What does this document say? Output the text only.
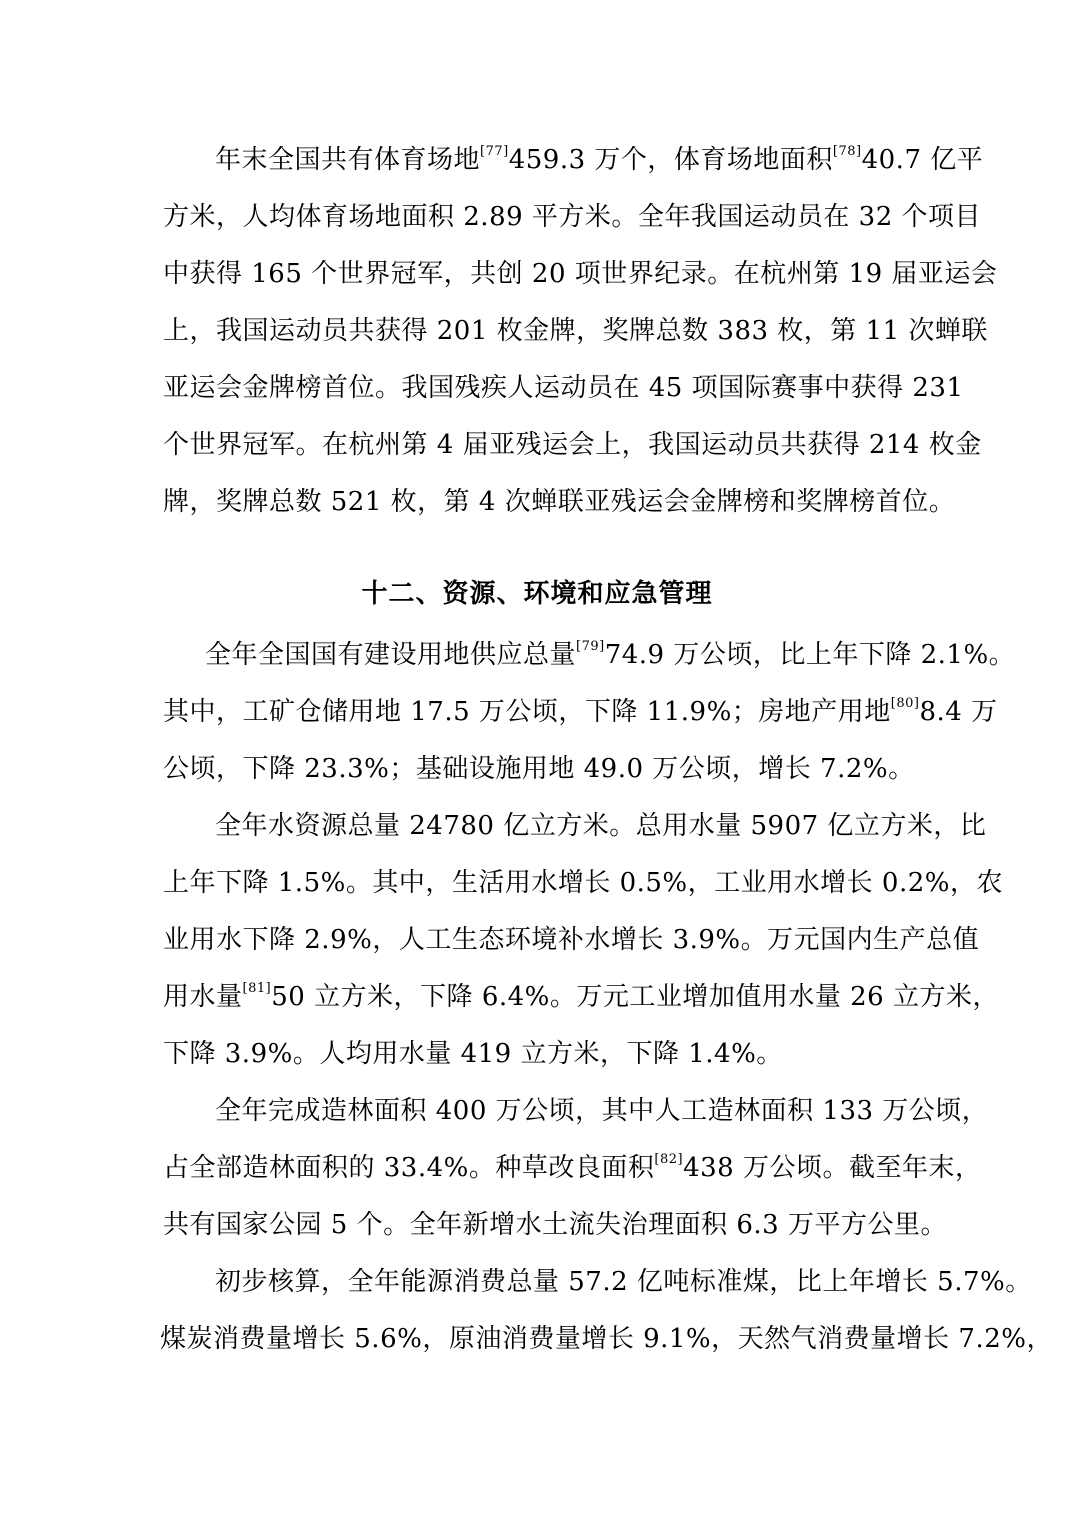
年末全国共有体育场地[77]459.3 万个，体育场地面积[78]40.7 亿平
方米，人均体育场地面积 2.89 平方米。全年我国运动员在 32 个项目
中获得 165 个世界冠军，共创 20 项世界纪录。在杭州第 19 届亚运会
上，我国运动员共获得 201 枚金牌，奖牌总数 383 枚，第 11 次蝉联
亚运会金牌榜首位。我国残疾人运动员在 45 项国际赛事中获得 231
个世界冠军。在杭州第 4 届亚残运会上，我国运动员共获得 214 枚金
牌，奖牌总数 521 枚，第 4 次蝉联亚残运会金牌榜和奖牌榜首位。
十二、资源、环境和应急管理
全年全国国有建设用地供应总量[79]74.9 万公顷，比上年下降 2.1%。
其中，工矿仓储用地 17.5 万公顷，下降 11.9%；房地产用地[80]8.4 万
公顷，下降 23.3%；基础设施用地 49.0 万公顷，增长 7.2%。
全年水资源总量 24780 亿立方米。总用水量 5907 亿立方米，比
上年下降 1.5%。其中，生活用水增长 0.5%，工业用水增长 0.2%，农
业用水下降 2.9%，人工生态环境补水增长 3.9%。万元国内生产总值
用水量[81]50 立方米，下降 6.4%。万元工业增加值用水量 26 立方米，
下降 3.9%。人均用水量 419 立方米，下降 1.4%。
全年完成造林面积 400 万公顷，其中人工造林面积 133 万公顷，
占全部造林面积的 33.4%。种草改良面积[82]438 万公顷。截至年末，
共有国家公园 5 个。全年新增水土流失治理面积 6.3 万平方公里。
初步核算，全年能源消费总量 57.2 亿吨标准煤，比上年增长 5.7%。
煤炭消费量增长 5.6%，原油消费量增长 9.1%，天然气消费量增长 7.2%，
